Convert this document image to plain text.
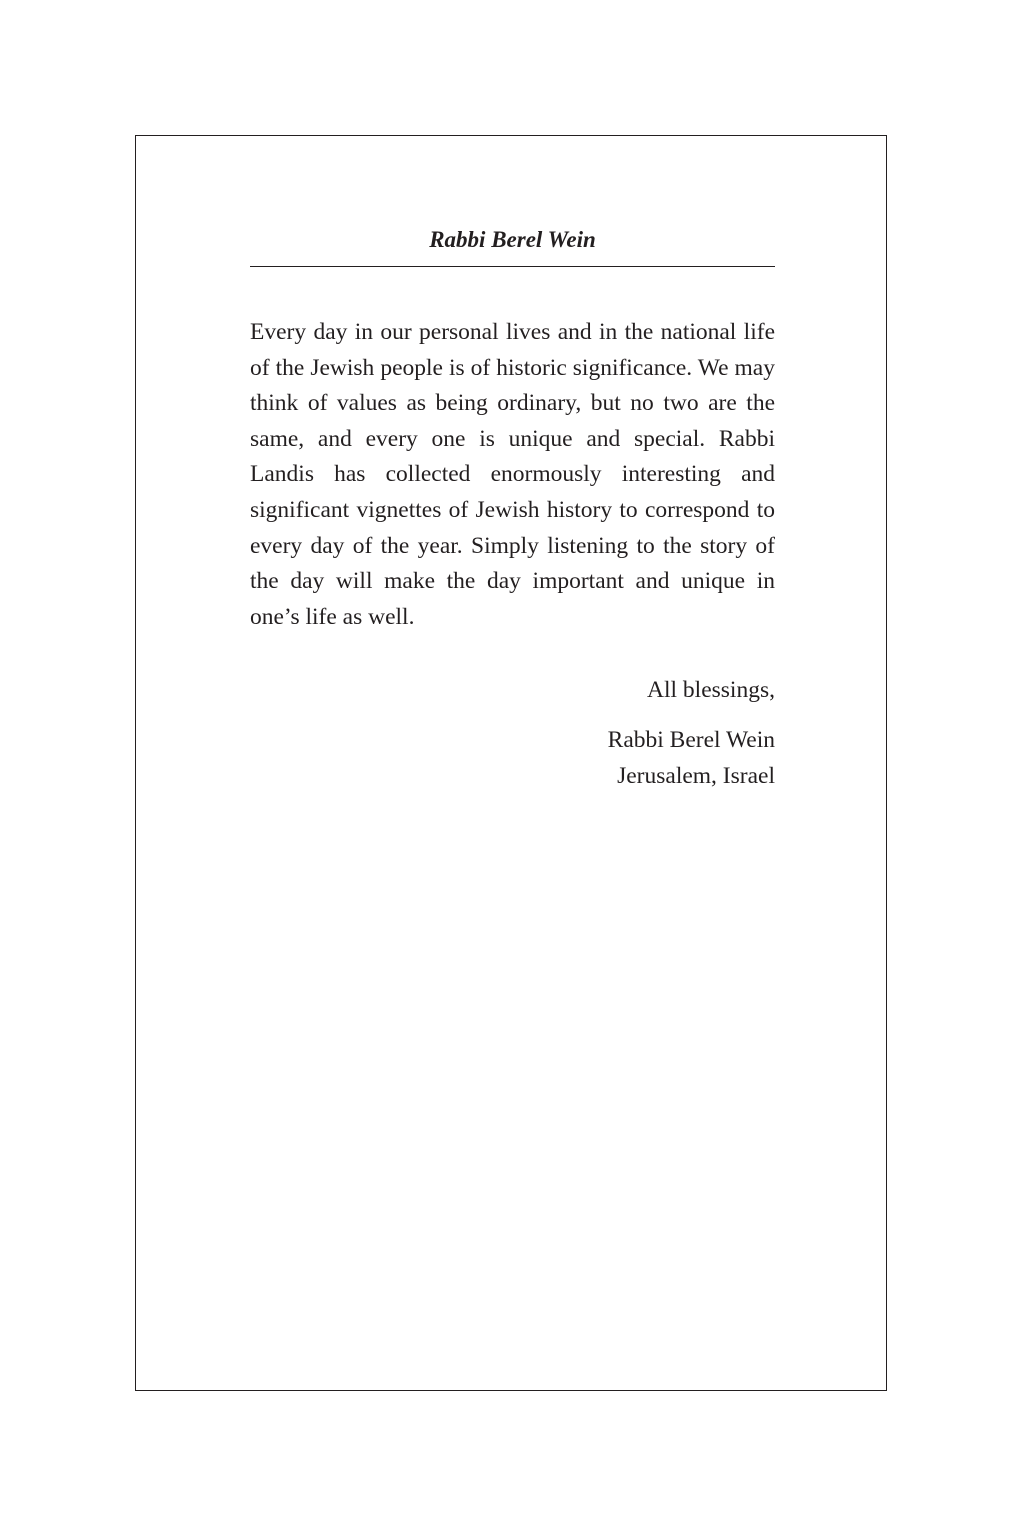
Rabbi Berel Wein

Every day in our personal lives and in the national life of the Jewish people is of historic significance. We may think of values as being ordinary, but no two are the same, and every one is unique and special. Rabbi Landis has collected enormously interesting and significant vignettes of Jewish history to correspond to every day of the year. Simply listening to the story of the day will make the day important and unique in one’s life as well.

All blessings,

Rabbi Berel Wein
Jerusalem, Israel
